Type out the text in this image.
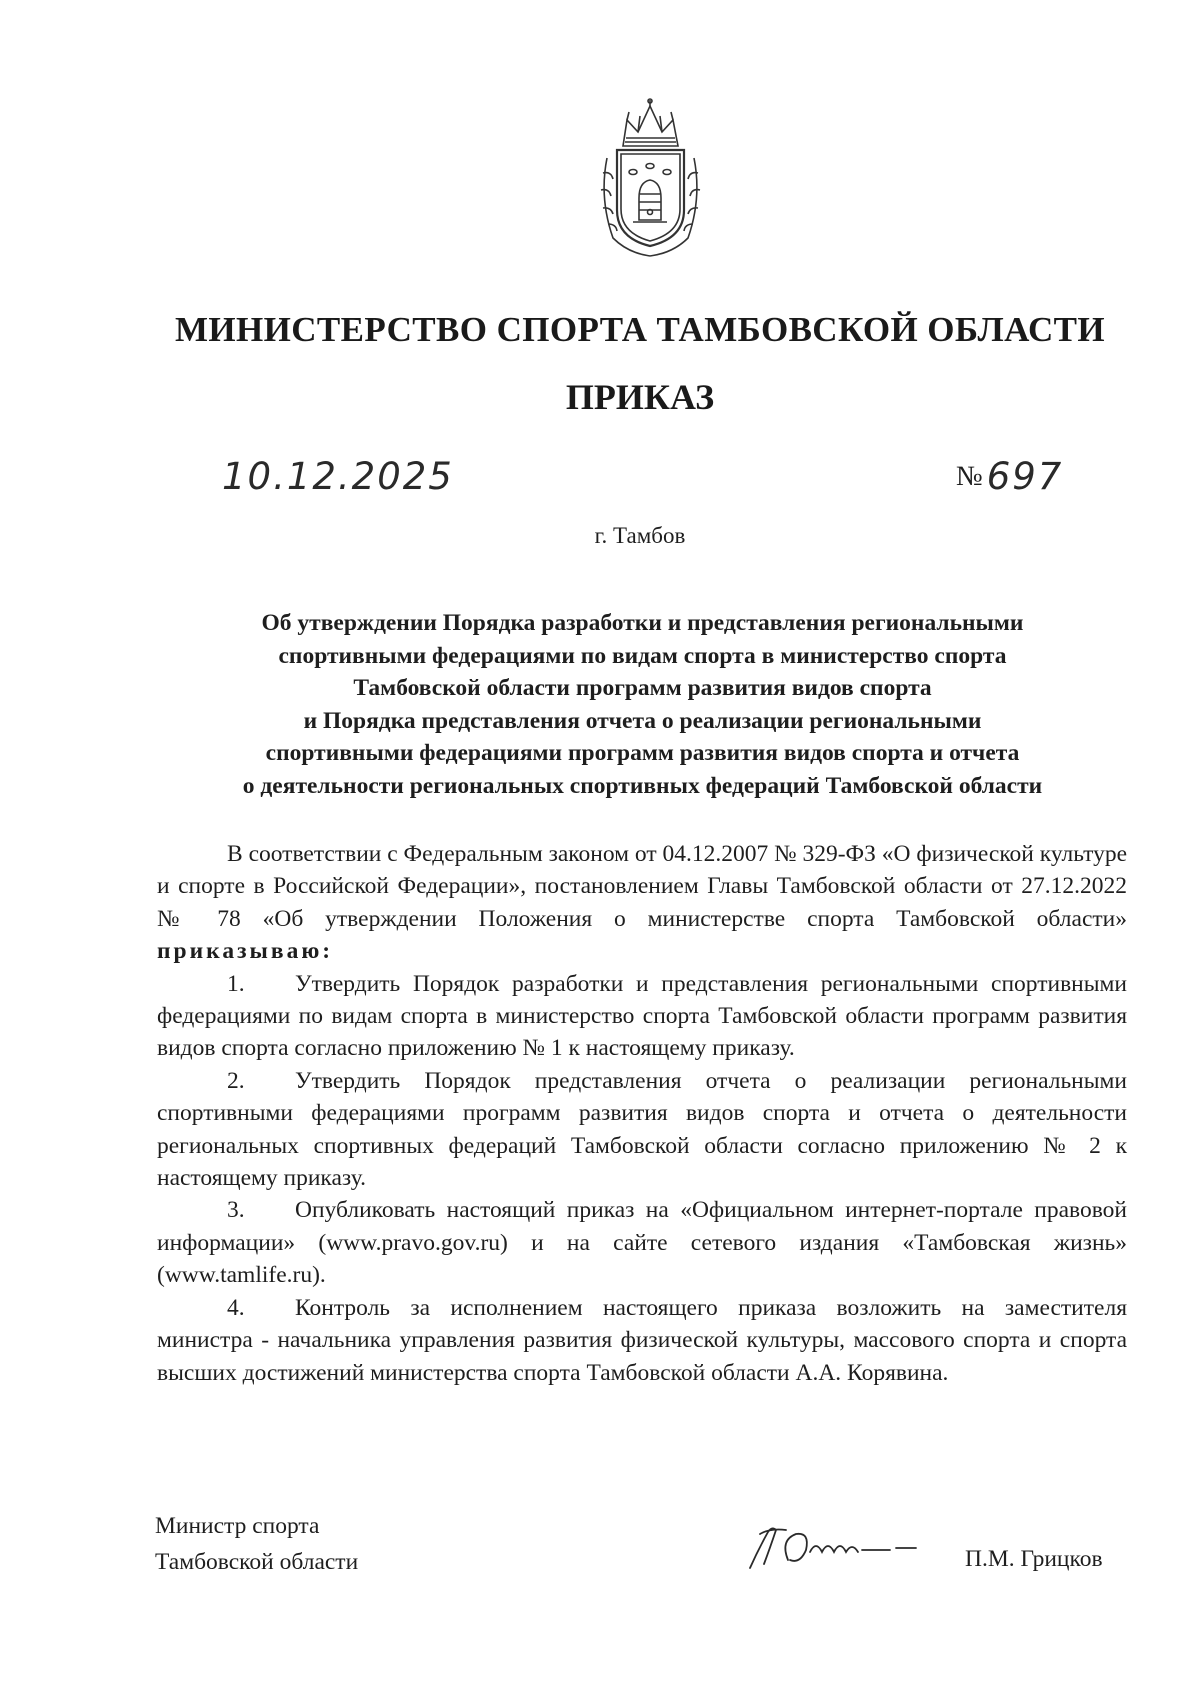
МИНИСТЕРСТВО СПОРТА ТАМБОВСКОЙ ОБЛАСТИ
ПРИКАЗ
10.12.2025	№ 697
г. Тамбов
Об утверждении Порядка разработки и представления региональными
спортивными федерациями по видам спорта в министерство спорта
Тамбовской области программ развития видов спорта
и Порядка представления отчета о реализации региональными
спортивными федерациями программ развития видов спорта и отчета
о деятельности региональных спортивных федераций Тамбовской области

В соответствии с Федеральным законом от 04.12.2007 № 329-ФЗ «О физической культуре и спорте в Российской Федерации», постановлением Главы Тамбовской области от 27.12.2022 № 78 «Об утверждении Положения о министерстве спорта Тамбовской области» приказываю:

1. Утвердить Порядок разработки и представления региональными спортивными федерациями по видам спорта в министерство спорта Тамбовской области программ развития видов спорта согласно приложению № 1 к настоящему приказу.

2. Утвердить Порядок представления отчета о реализации региональными спортивными федерациями программ развития видов спорта и отчета о деятельности региональных спортивных федераций Тамбовской области согласно приложению № 2 к настоящему приказу.

3. Опубликовать настоящий приказ на «Официальном интернет-портале правовой информации» (www.pravo.gov.ru) и на сайте сетевого издания «Тамбовская жизнь» (www.tamlife.ru).

4. Контроль за исполнением настоящего приказа возложить на заместителя министра - начальника управления развития физической культуры, массового спорта и спорта высших достижений министерства спорта Тамбовской области А.А. Корявина.

Министр спорта
Тамбовской области	П.М. Грицков
